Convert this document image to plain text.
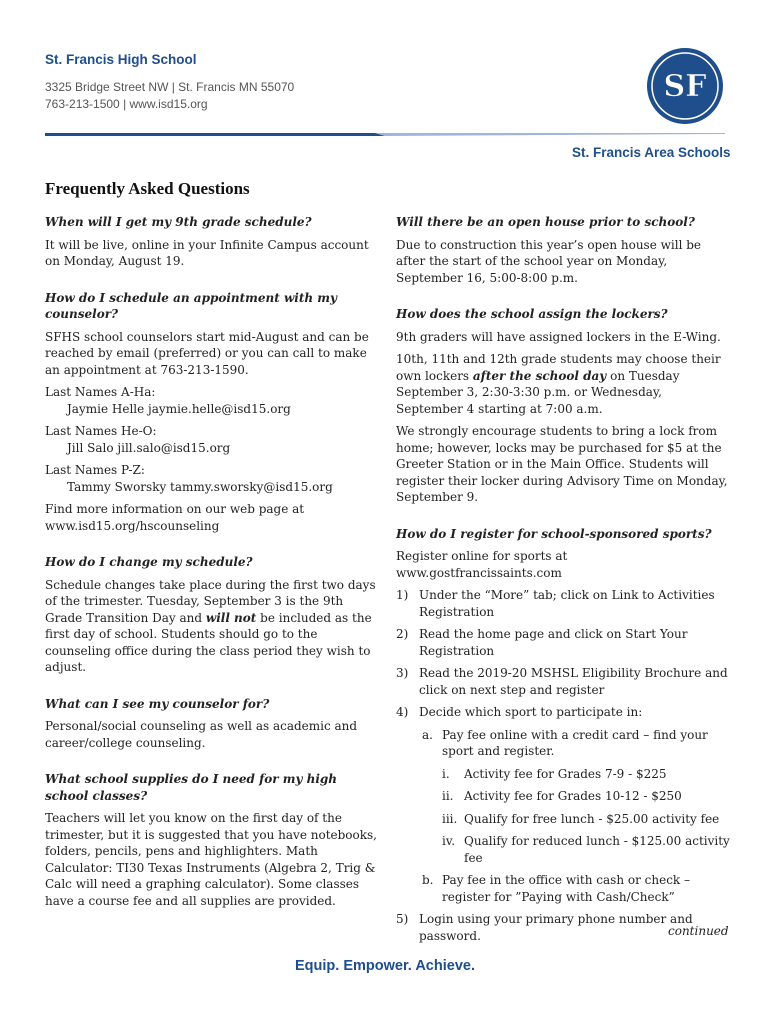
St. Francis High School
3325 Bridge Street NW | St. Francis MN 55070
763-213-1500 | www.isd15.org	SF
St. Francis Area Schools
Frequently Asked Questions
When will I get my 9th grade schedule?
It will be live, online in your Infinite Campus account on Monday, August 19.
How do I schedule an appointment with my counselor?
SFHS school counselors start mid-August and can be reached by email (preferred) or you can call to make an appointment at 763-213-1590.
Last Names A-Ha:
Jaymie Helle jaymie.helle@isd15.org
Last Names He-O:
Jill Salo jill.salo@isd15.org
Last Names P-Z:
Tammy Sworsky tammy.sworsky@isd15.org
Find more information on our web page at www.isd15.org/hscounseling
How do I change my schedule?
Schedule changes take place during the first two days of the trimester. Tuesday, September 3 is the 9th Grade Transition Day and will not be included as the first day of school. Students should go to the counseling office during the class period they wish to adjust.
What can I see my counselor for?
Personal/social counseling as well as academic and career/college counseling.
What school supplies do I need for my high school classes?
Teachers will let you know on the first day of the trimester, but it is suggested that you have notebooks, folders, pencils, pens and highlighters. Math Calculator: TI30 Texas Instruments (Algebra 2, Trig & Calc will need a graphing calculator). Some classes have a course fee and all supplies are provided.
Will there be an open house prior to school?
Due to construction this year’s open house will be after the start of the school year on Monday, September 16, 5:00-8:00 p.m.
How does the school assign the lockers?
9th graders will have assigned lockers in the E-Wing.
10th, 11th and 12th grade students may choose their own lockers after the school day on Tuesday September 3, 2:30-3:30 p.m. or Wednesday, September 4 starting at 7:00 a.m.
We strongly encourage students to bring a lock from home; however, locks may be purchased for $5 at the Greeter Station or in the Main Office. Students will register their locker during Advisory Time on Monday, September 9.
How do I register for school-sponsored sports?
Register online for sports at www.gostfrancissaints.com
1) Under the “More” tab; click on Link to Activities Registration
2) Read the home page and click on Start Your Registration
3) Read the 2019-20 MSHSL Eligibility Brochure and click on next step and register
4) Decide which sport to participate in:
a. Pay fee online with a credit card – find your sport and register.
i.	Activity fee for Grades 7-9 - $225
ii. Activity fee for Grades 10-12 - $250
iii. Qualify for free lunch - $25.00 activity fee
iv. Qualify for reduced lunch - $125.00 activity fee
b. Pay fee in the office with cash or check – register for ”Paying with Cash/Check”
5) Login using your primary phone number and password.	continued
Equip. Empower. Achieve.
